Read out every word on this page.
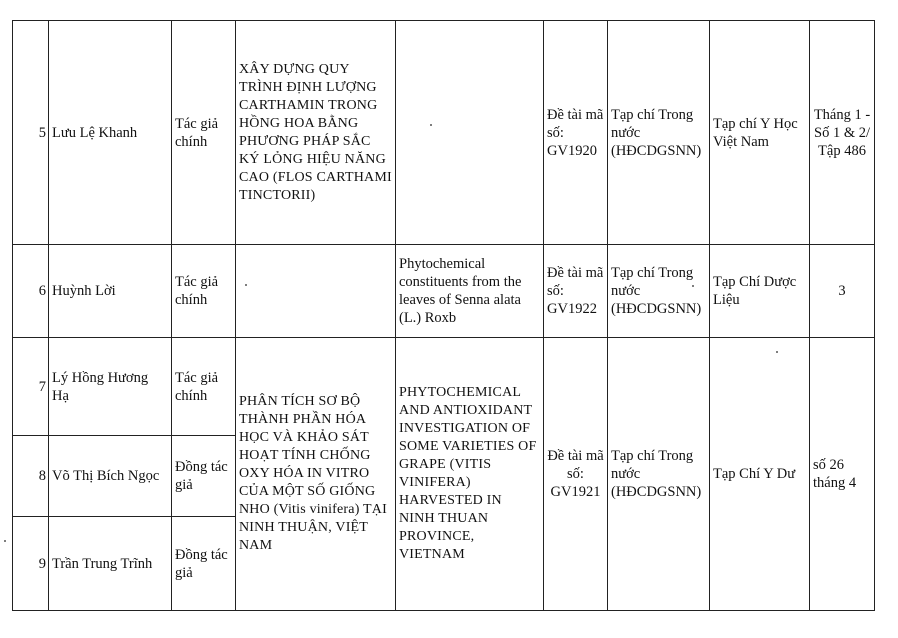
5	Lưu Lệ Khanh	Tác giả chính	XÂY DỰNG QUY TRÌNH ĐỊNH LƯỢNG CARTHAMIN TRONG HỒNG HOA BẰNG PHƯƠNG PHÁP SẮC KÝ LỎNG HIỆU NĂNG CAO (FLOS CARTHAMI TINCTORII)		Đề tài mã số: GV1920	Tạp chí Trong nước (HĐCDGSNN)	Tạp chí Y Học Việt Nam	Tháng 1 - Số 1 & 2/ Tập 486
6	Huỳnh Lời	Tác giả chính		Phytochemical constituents from the leaves of Senna alata (L.) Roxb	Đề tài mã số: GV1922	Tạp chí Trong nước (HĐCDGSNN)	Tạp Chí Dược Liệu	3
7	Lý Hồng Hương Hạ	Tác giả chính	PHÂN TÍCH SƠ BỘ THÀNH PHẦN HÓA HỌC VÀ KHẢO SÁT HOẠT TÍNH CHỐNG OXY HÓA IN VITRO CỦA MỘT SỐ GIỐNG NHO (Vitis vinifera) TẠI NINH THUẬN, VIỆT NAM	PHYTOCHEMICAL AND ANTIOXIDANT INVESTIGATION OF SOME VARIETIES OF GRAPE (VITIS VINIFERA) HARVESTED IN NINH THUAN PROVINCE, VIETNAM	Đề tài mã số: GV1921	Tạp chí Trong nước (HĐCDGSNN)	Tạp Chí Y Dư	số 26 tháng 4
8	Võ Thị Bích Ngọc	Đồng tác giả						
9	Trần Trung Trĩnh	Đồng tác giả						
